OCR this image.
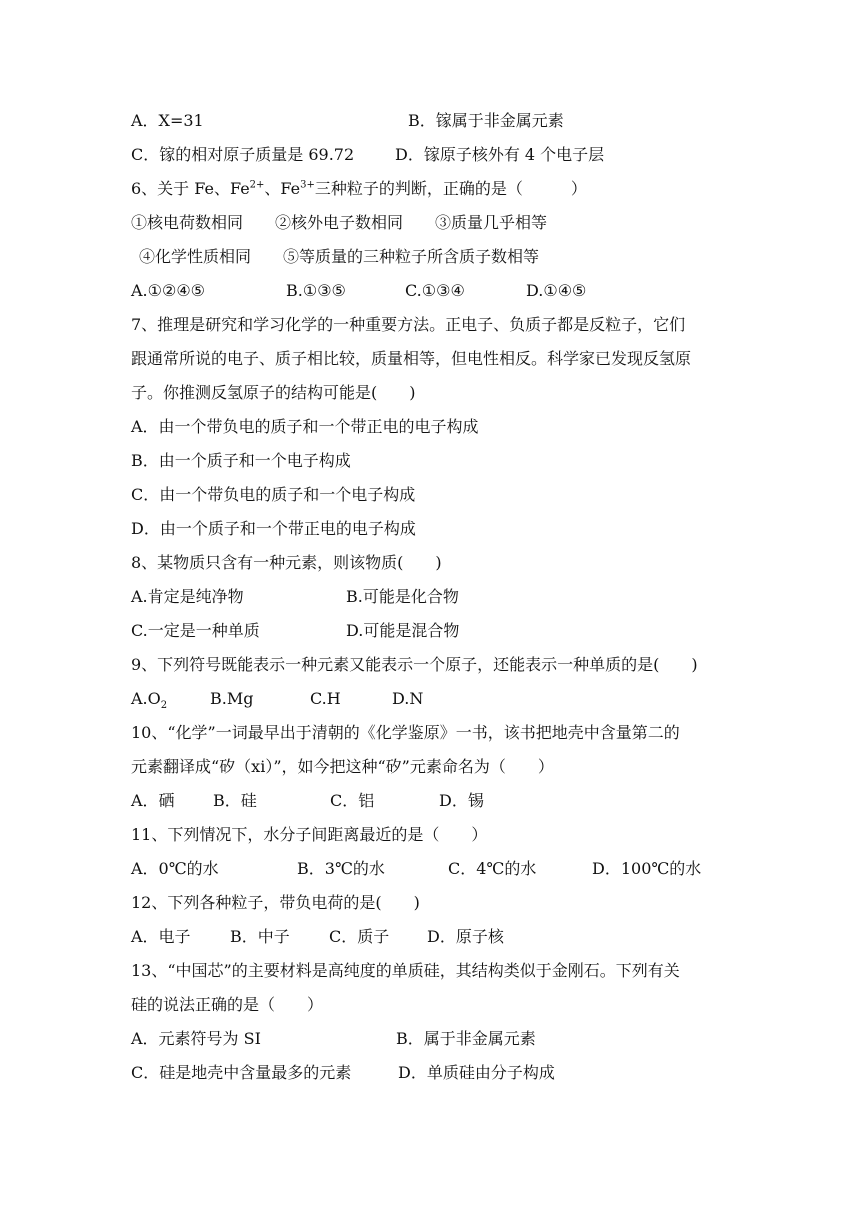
A．X=31	B．镓属于非金属元素
C．镓的相对原子质量是 69.72	D．镓原子核外有 4 个电子层
6、关于 Fe、$Fe^{2+}$、$Fe^{3+}$三种粒子的判断，正确的是（　　　）
①核电荷数相同　　②核外电子数相同　　③质量几乎相等
④化学性质相同　　⑤等质量的三种粒子所含质子数相等
A.①②④⑤	B.①③⑤	C.①③④	D.①④⑤
7、推理是研究和学习化学的一种重要方法。正电子、负质子都是反粒子，它们
跟通常所说的电子、质子相比较，质量相等，但电性相反。科学家已发现反氢原
子。你推测反氢原子的结构可能是(　　)
A．由一个带负电的质子和一个带正电的电子构成
B．由一个质子和一个电子构成
C．由一个带负电的质子和一个电子构成
D．由一个质子和一个带正电的电子构成
8、某物质只含有一种元素，则该物质(　　)
A.肯定是纯净物	B.可能是化合物
C.一定是一种单质	D.可能是混合物
9、下列符号既能表示一种元素又能表示一个原子，还能表示一种单质的是(　　)
$A.O_2$	B.Mg	C.H	D.N
10、“化学”一词最早出于清朝的《化学鉴原》一书，该书把地壳中含量第二的
元素翻译成“矽（xi）”，如今把这种“矽”元素命名为（　　）
A．硒 B．硅	C．铝	D．锡
11、下列情况下，水分子间距离最近的是（　　）
A．0℃的水	B．3℃的水	C．4℃的水	D．100℃的水
12、下列各种粒子，带负电荷的是(　　)
A．电子 B．中子 C．质子 D．原子核
13、“中国芯”的主要材料是高纯度的单质硅，其结构类似于金刚石。下列有关
硅的说法正确的是（　　）
A．元素符号为 SI	B．属于非金属元素
C．硅是地壳中含量最多的元素	D．单质硅由分子构成
